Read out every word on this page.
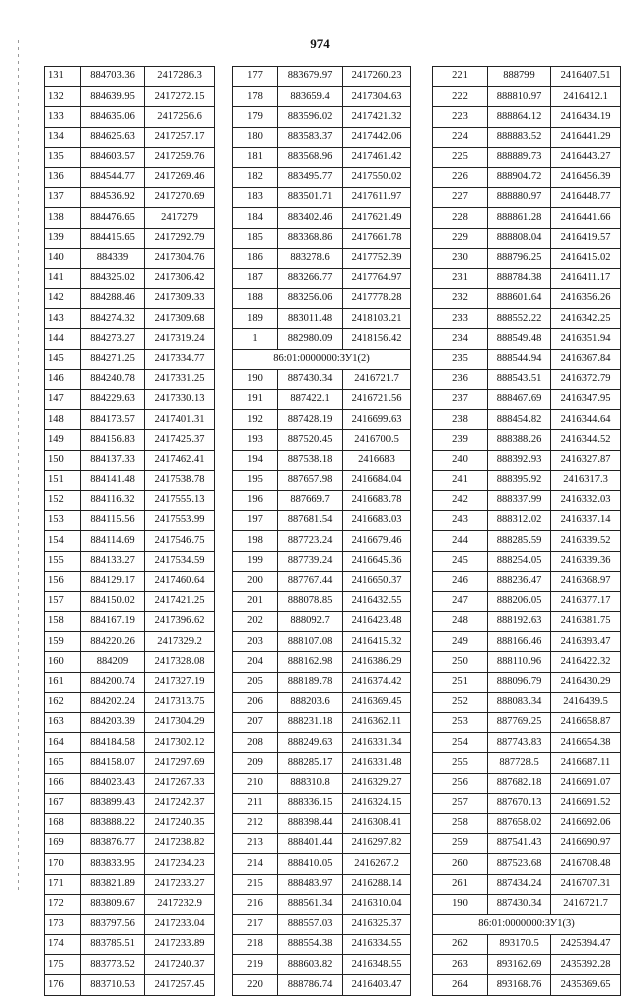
974
131	884703.36	2417286.3
132	884639.95	2417272.15
133	884635.06	2417256.6
134	884625.63	2417257.17
135	884603.57	2417259.76
136	884544.77	2417269.46
137	884536.92	2417270.69
138	884476.65	2417279
139	884415.65	2417292.79
140	884339	2417304.76
141	884325.02	2417306.42
142	884288.46	2417309.33
143	884274.32	2417309.68
144	884273.27	2417319.24
145	884271.25	2417334.77
146	884240.78	2417331.25
147	884229.63	2417330.13
148	884173.57	2417401.31
149	884156.83	2417425.37
150	884137.33	2417462.41
151	884141.48	2417538.78
152	884116.32	2417555.13
153	884115.56	2417553.99
154	884114.69	2417546.75
155	884133.27	2417534.59
156	884129.17	2417460.64
157	884150.02	2417421.25
158	884167.19	2417396.62
159	884220.26	2417329.2
160	884209	2417328.08
161	884200.74	2417327.19
162	884202.24	2417313.75
163	884203.39	2417304.29
164	884184.58	2417302.12
165	884158.07	2417297.69
166	884023.43	2417267.33
167	883899.43	2417242.37
168	883888.22	2417240.35
169	883876.77	2417238.82
170	883833.95	2417234.23
171	883821.89	2417233.27
172	883809.67	2417232.9
173	883797.56	2417233.04
174	883785.51	2417233.89
175	883773.52	2417240.37
176	883710.53	2417257.45
177	883679.97	2417260.23
178	883659.4	2417304.63
179	883596.02	2417421.32
180	883583.37	2417442.06
181	883568.96	2417461.42
182	883495.77	2417550.02
183	883501.71	2417611.97
184	883402.46	2417621.49
185	883368.86	2417661.78
186	883278.6	2417752.39
187	883266.77	2417764.97
188	883256.06	2417778.28
189	883011.48	2418103.21
1	882980.09	2418156.42
86:01:0000000:ЗУ1(2)		
190	887430.34	2416721.7
191	887422.1	2416721.56
192	887428.19	2416699.63
193	887520.45	2416700.5
194	887538.18	2416683
195	887657.98	2416684.04
196	887669.7	2416683.78
197	887681.54	2416683.03
198	887723.24	2416679.46
199	887739.24	2416645.36
200	887767.44	2416650.37
201	888078.85	2416432.55
202	888092.7	2416423.48
203	888107.08	2416415.32
204	888162.98	2416386.29
205	888189.78	2416374.42
206	888203.6	2416369.45
207	888231.18	2416362.11
208	888249.63	2416331.34
209	888285.17	2416331.48
210	888310.8	2416329.27
211	888336.15	2416324.15
212	888398.44	2416308.41
213	888401.44	2416297.82
214	888410.05	2416267.2
215	888483.97	2416288.14
216	888561.34	2416310.04
217	888557.03	2416325.37
218	888554.38	2416334.55
219	888603.82	2416348.55
220	888786.74	2416403.47
221	888799	2416407.51
222	888810.97	2416412.1
223	888864.12	2416434.19
224	888883.52	2416441.29
225	888889.73	2416443.27
226	888904.72	2416456.39
227	888880.97	2416448.77
228	888861.28	2416441.66
229	888808.04	2416419.57
230	888796.25	2416415.02
231	888784.38	2416411.17
232	888601.64	2416356.26
233	888552.22	2416342.25
234	888549.48	2416351.94
235	888544.94	2416367.84
236	888543.51	2416372.79
237	888467.69	2416347.95
238	888454.82	2416344.64
239	888388.26	2416344.52
240	888392.93	2416327.87
241	888395.92	2416317.3
242	888337.99	2416332.03
243	888312.02	2416337.14
244	888285.59	2416339.52
245	888254.05	2416339.36
246	888236.47	2416368.97
247	888206.05	2416377.17
248	888192.63	2416381.75
249	888166.46	2416393.47
250	888110.96	2416422.32
251	888096.79	2416430.29
252	888083.34	2416439.5
253	887769.25	2416658.87
254	887743.83	2416654.38
255	887728.5	2416687.11
256	887682.18	2416691.07
257	887670.13	2416691.52
258	887658.02	2416692.06
259	887541.43	2416690.97
260	887523.68	2416708.48
261	887434.24	2416707.31
190	887430.34	2416721.7
86:01:0000000:ЗУ1(3)		
262	893170.5	2425394.47
263	893162.69	2435392.28
264	893168.76	2435369.65
